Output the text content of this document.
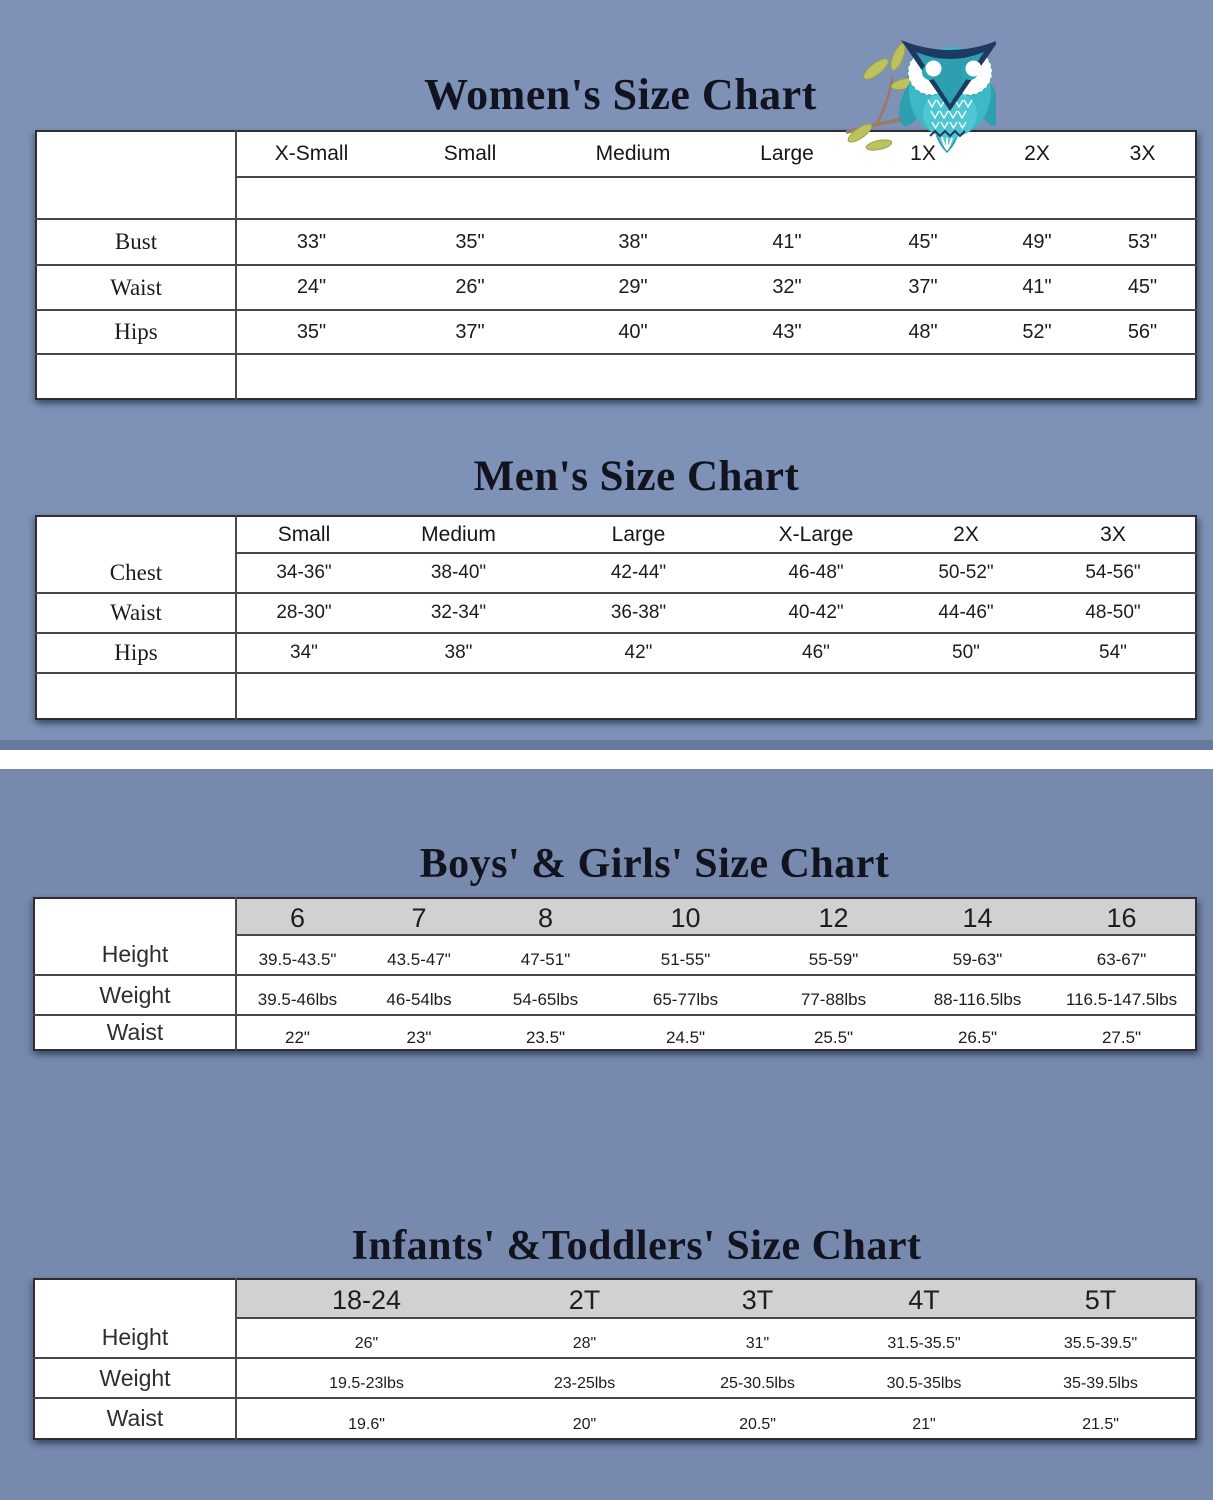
Women's Size Chart
	X-Small	Small	Medium	Large	1X	2X	3X

Bust	33"	35"	38"	41"	45"	49"	53"
Waist	24"	26"	29"	32"	37"	41"	45"
Hips	35"	37"	40"	43"	48"	52"	56"

Men's Size Chart
	Small	Medium	Large	X-Large	2X	3X
Chest	34-36"	38-40"	42-44"	46-48"	50-52"	54-56"
Waist	28-30"	32-34"	36-38"	40-42"	44-46"	48-50"
Hips	34"	38"	42"	46"	50"	54"

Boys' & Girls' Size Chart
	6	7	8	10	12	14	16
Height	39.5-43.5"	43.5-47"	47-51"	51-55"	55-59"	59-63"	63-67"
Weight	39.5-46lbs	46-54lbs	54-65lbs	65-77lbs	77-88lbs	88-116.5lbs	116.5-147.5lbs
Waist	22"	23"	23.5"	24.5"	25.5"	26.5"	27.5"
Infants' &Toddlers' Size Chart
	18-24	2T	3T	4T	5T
Height	26"	28"	31"	31.5-35.5"	35.5-39.5"
Weight	19.5-23lbs	23-25lbs	25-30.5lbs	30.5-35lbs	35-39.5lbs
Waist	19.6"	20"	20.5"	21"	21.5"
